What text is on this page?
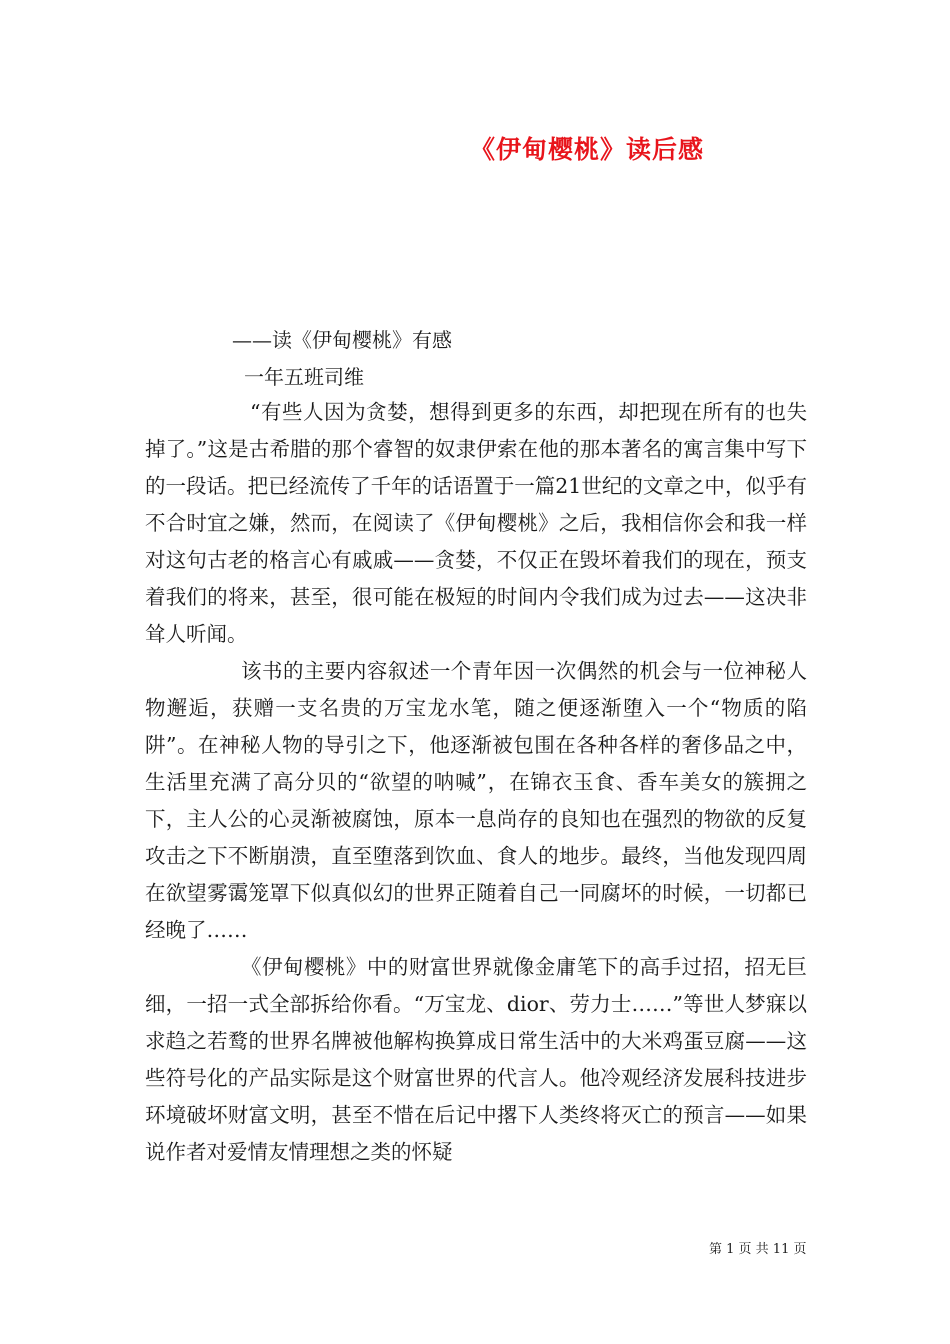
《伊甸樱桃》读后感
——读《伊甸樱桃》有感
一年五班司维

“有些人因为贪婪，想得到更多的东西，却把现在所有的也失掉了。”这是古希腊的那个睿智的奴隶伊索在他的那本著名的寓言集中写下的一段话。把已经流传了千年的话语置于一篇21世纪的文章之中，似乎有不合时宜之嫌，然而，在阅读了《伊甸樱桃》之后，我相信你会和我一样对这句古老的格言心有戚戚——贪婪，不仅正在毁坏着我们的现在，预支着我们的将来，甚至，很可能在极短的时间内令我们成为过去——这决非耸人听闻。

该书的主要内容叙述一个青年因一次偶然的机会与一位神秘人物邂逅，获赠一支名贵的万宝龙水笔，随之便逐渐堕入一个“物质的陷阱”。在神秘人物的导引之下，他逐渐被包围在各种各样的奢侈品之中，生活里充满了高分贝的“欲望的呐喊”，在锦衣玉食、香车美女的簇拥之下，主人公的心灵渐被腐蚀，原本一息尚存的良知也在强烈的物欲的反复攻击之下不断崩溃，直至堕落到饮血、食人的地步。最终，当他发现四周在欲望雾霭笼罩下似真似幻的世界正随着自己一同腐坏的时候，一切都已经晚了……

《伊甸樱桃》中的财富世界就像金庸笔下的高手过招，招无巨细，一招一式全部拆给你看。“万宝龙、dior、劳力士……”等世人梦寐以求趋之若鹜的世界名牌被他解构换算成日常生活中的大米鸡蛋豆腐——这些符号化的产品实际是这个财富世界的代言人。他冷观经济发展科技进步环境破坏财富文明，甚至不惜在后记中撂下人类终将灭亡的预言——如果说作者对爱情友情理想之类的怀疑

第 1 页 共 11 页
